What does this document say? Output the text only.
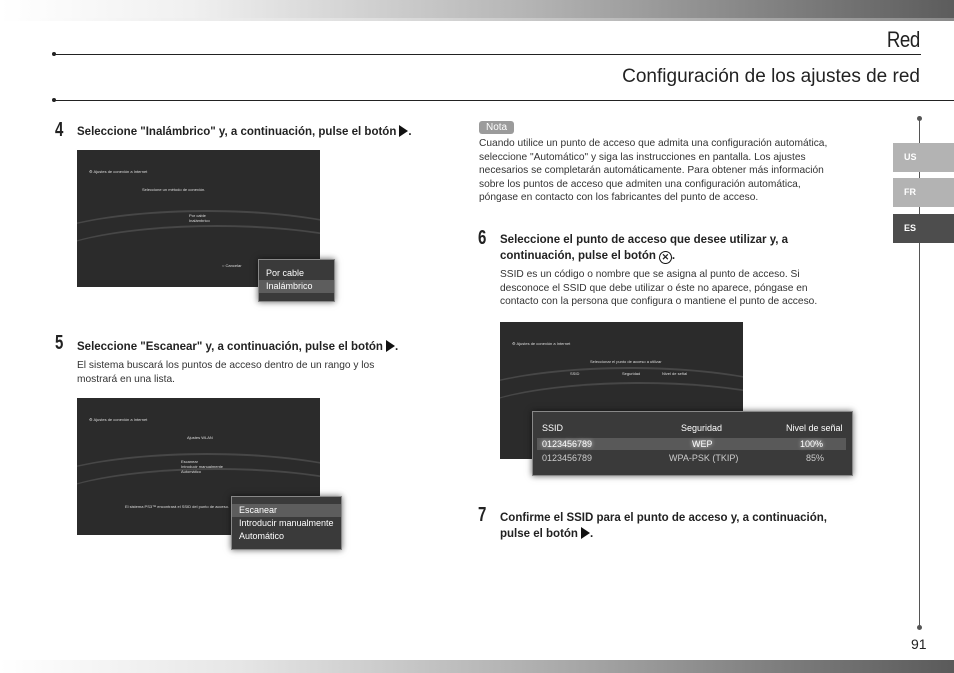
Red
Configuración de los ajustes de red
4 Seleccione "Inalámbrico" y, a continuación, pulse el botón .
⚙ Ajustes de conexión a Internet
Seleccione un método de conexión.
Por cable
Inalámbrico
○ Cancelar
Por cable
Inalámbrico
5 Seleccione "Escanear" y, a continuación, pulse el botón .
El sistema buscará los puntos de acceso dentro de un rango y los
mostrará en una lista.
⚙ Ajustes de conexión a Internet
Ajustes WLAN
Escanear
Introducir manualmente
Automático
El sistema PS3™ encontrará el SSID del punto de acceso.	Escanear
Introducir manualmente
Automático
Nota
Cuando utilice un punto de acceso que admita una configuración automática,
seleccione "Automático" y siga las instrucciones en pantalla. Los ajustes
necesarios se completarán automáticamente. Para obtener más información
sobre los puntos de acceso que admiten una configuración automática,
póngase en contacto con los fabricantes del punto de acceso.
6 Seleccione el punto de acceso que desee utilizar y, a
continuación, pulse el botón ✕ .
SSID es un código o nombre que se asigna al punto de acceso. Si
desconoce el SSID que debe utilizar o éste no aparece, póngase en
contacto con la persona que configura o mantiene el punto de acceso.
⚙ Ajustes de conexión a Internet
Seleccionar el punto de acceso a utilizar
SSID	Seguridad	Nivel de señal
SSID	Seguridad	Nivel de señal
0123456789	WEP	100%
0123456789	WPA-PSK (TKIP)	85%
7 Confirme el SSID para el punto de acceso y, a continuación,
pulse el botón .
US
FR
ES
91
